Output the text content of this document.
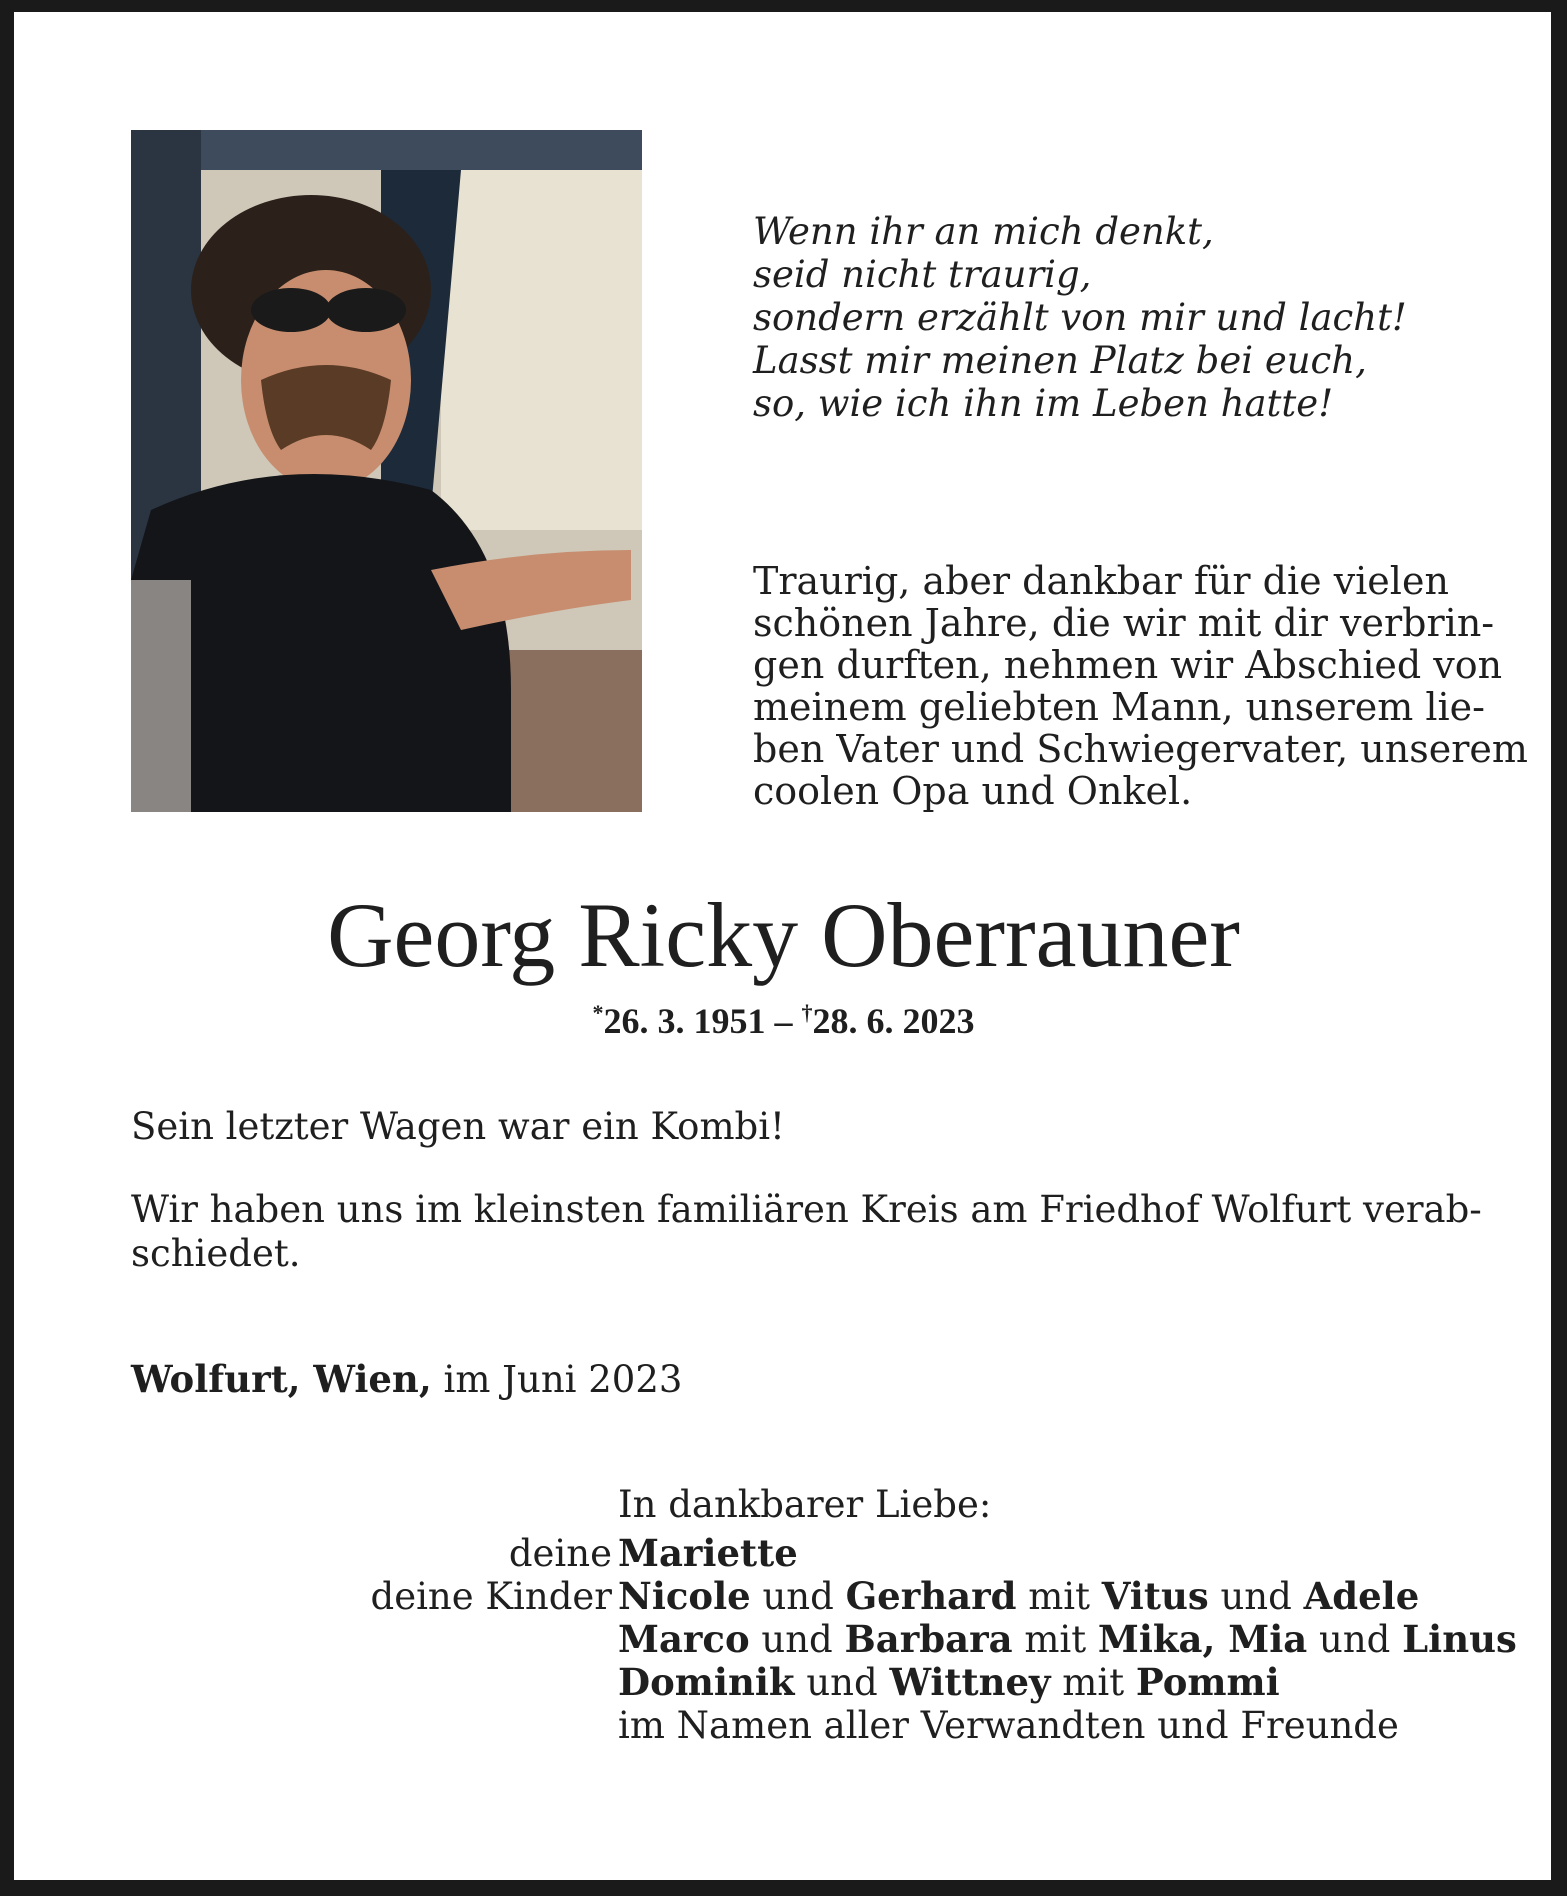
Wenn ihr an mich denkt,
seid nicht traurig,
sondern erzählt von mir und lacht!
Lasst mir meinen Platz bei euch,
so, wie ich ihn im Leben hatte!
Traurig, aber dankbar für die vielen
schönen Jahre, die wir mit dir verbrin-
gen durften, nehmen wir Abschied von
meinem geliebten Mann, unserem lie-
ben Vater und Schwiegervater, unserem
coolen Opa und Onkel.
Georg Ricky Oberrauner
*26. 3. 1951 – †28. 6. 2023
Sein letzter Wagen war ein Kombi!
Wir haben uns im kleinsten familiären Kreis am Friedhof Wolfurt verab-
schiedet.
Wolfurt, Wien, im Juni 2023
In dankbarer Liebe:
deine Mariette
deine Kinder Nicole und Gerhard mit Vitus und Adele
Marco und Barbara mit Mika, Mia und Linus
Dominik und Wittney mit Pommi
im Namen aller Verwandten und Freunde
